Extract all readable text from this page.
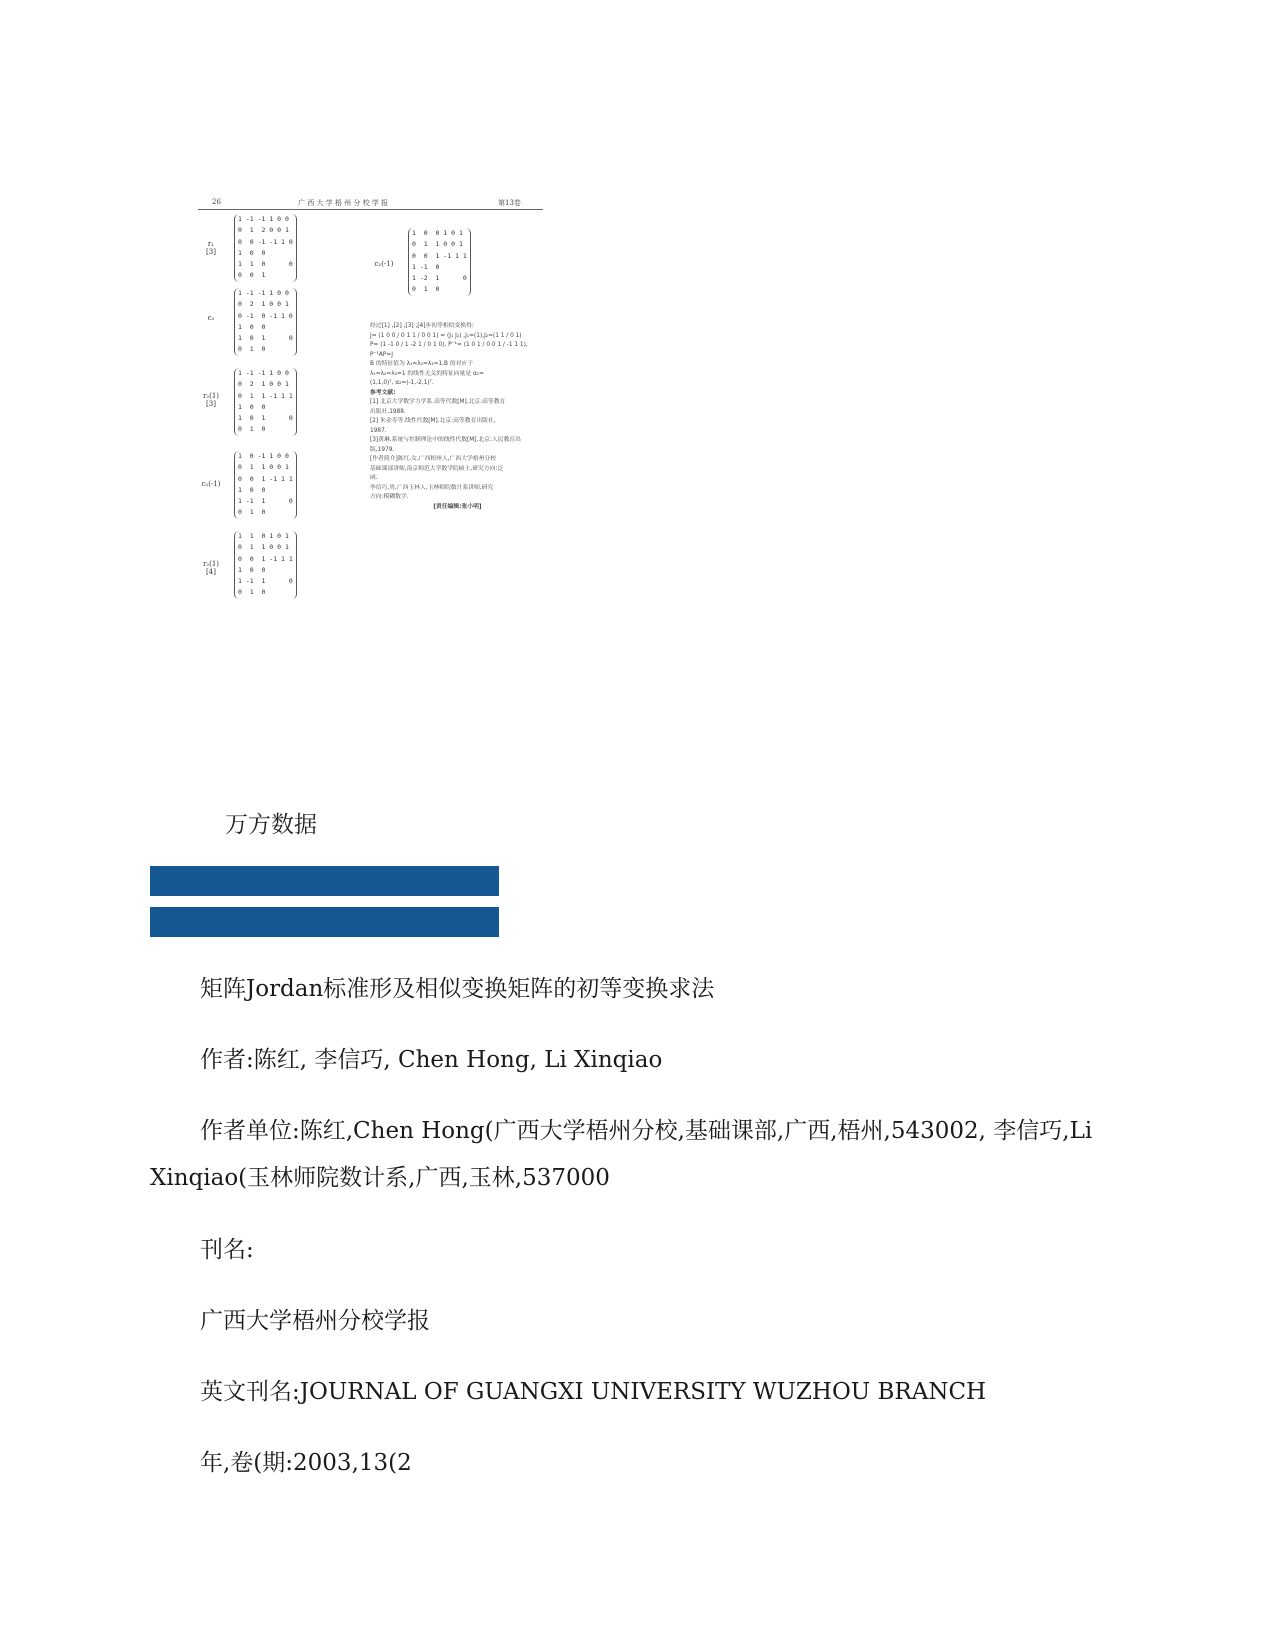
26	广 西 大 学 梧 州 分 校 学 报	第13卷
r₁
[3]
1 -1 -1 1 0 0
0  1  2 0 0 1
0  0 -1 -1 1 0
1  0  0
1  1  0      0
0  0  1
c₂
1 -1 -1 1 0 0
0  2  1 0 0 1
0 -1  0 -1 1 0
1  0  0
1  0  1      0
0  1  0
r₂(1)
[3]
1 -1 -1 1 0 0
0  2  1 0 0 1
0  1  1 -1 1 1
1  0  0
1  0  1      0
0  1  0
c₂(-1)
1  0 -1 1 0 0
0  1  1 0 0 1
0  0  1 -1 1 1
1  0  0
1 -1  1      0
0  1  0
r₂(1)
[4]
1  1  0 1 0 1
0  1  1 0 0 1
0  0  1 -1 1 1
1  0  0
1 -1  1      0
0  1  0
c₂(-1)
1  0  0 1 0 1
0  1  1 0 0 1
0  0  1 -1 1 1
1 -1  0
1 -2  1      0
0  1  0
经过[1] ,[2] ,[3] ,[4]步初等相似变换得:
J= (1 0 0 / 0 1 1 / 0 0 1) = (J₁ J₂) ,J₁=(1),J₂=(1 1 / 0 1)
P= (1 -1 0 / 1 -2 1 / 0 1 0), P⁻¹= (1 0 1 / 0 0 1 / -1 1 1), P⁻¹AP=J
B 的特征值为 λ₁=λ₂=λ₃=1,B 的对应于
λ₁=λ₂=λ₃=1 的线性无关的特征向量是 α₁=
(1,1,0)ᵀ, α₂=(-1,-2,1)ᵀ.
参考文献:
[1] 北京大学数学力学系.高等代数[M].北京:高等教育
出版社,1988.
[2] 朱金寿等.线性代数[M].北京:高等教育出版社,
1987.
[3]黄琳.系统与控制理论中的线性代数[M].北京:人民教育出版,1979.
[作者简介]陈红,女,广西梧州人,广西大学梧州分校
基础课部讲师,南京师范大学数学院硕士,研究方向:泛
函.
李信巧,男,广西玉林人,玉林师院数计系讲师,研究
方向:模糊数学.
[责任编辑:张小明]
万方数据
矩阵Jordan标准形及相似变换矩阵的初等变换求法
作者:陈红, 李信巧, Chen Hong, Li Xinqiao
作者单位:陈红,Chen Hong(广西大学梧州分校,基础课部,广西,梧州,543002, 李信巧,Li
Xinqiao(玉林师院数计系,广西,玉林,537000
刊名:
广西大学梧州分校学报
英文刊名:JOURNAL OF GUANGXI UNIVERSITY WUZHOU BRANCH
年,卷(期:2003,13(2
